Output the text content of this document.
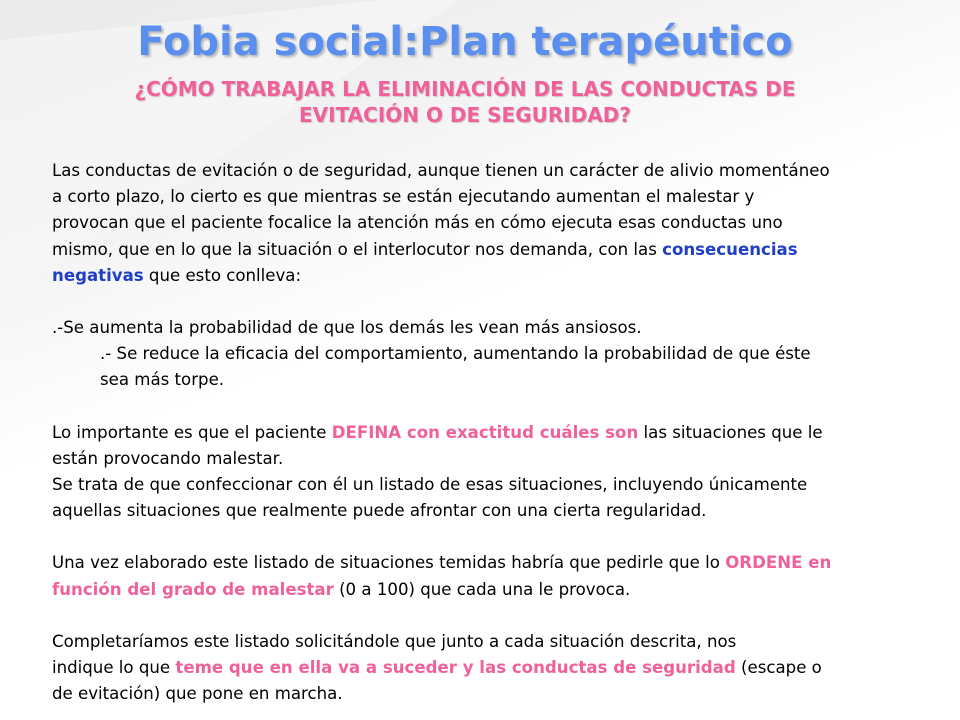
Fobia social:Plan terapéutico
¿CÓMO TRABAJAR LA ELIMINACIÓN DE LAS CONDUCTAS DE
EVITACIÓN O DE SEGURIDAD?

Las conductas de evitación o de seguridad, aunque tienen un carácter de alivio momentáneo
a corto plazo, lo cierto es que mientras se están ejecutando aumentan el malestar y
provocan que el paciente focalice la atención más en cómo ejecuta esas conductas uno
mismo, que en lo que la situación o el interlocutor nos demanda, con las consecuencias
negativas que esto conlleva:

.-Se aumenta la probabilidad de que los demás les vean más ansiosos.

.- Se reduce la eficacia del comportamiento, aumentando la probabilidad de que éste
sea más torpe.

Lo importante es que el paciente DEFINA con exactitud cuáles son las situaciones que le
están provocando malestar.
Se trata de que confeccionar con él un listado de esas situaciones, incluyendo únicamente
aquellas situaciones que realmente puede afrontar con una cierta regularidad.

Una vez elaborado este listado de situaciones temidas habría que pedirle que lo ORDENE en
función del grado de malestar (0 a 100) que cada una le provoca.

Completaríamos este listado solicitándole que junto a cada situación descrita, nos
indique lo que teme que en ella va a suceder y las conductas de seguridad (escape o
de evitación) que pone en marcha.
